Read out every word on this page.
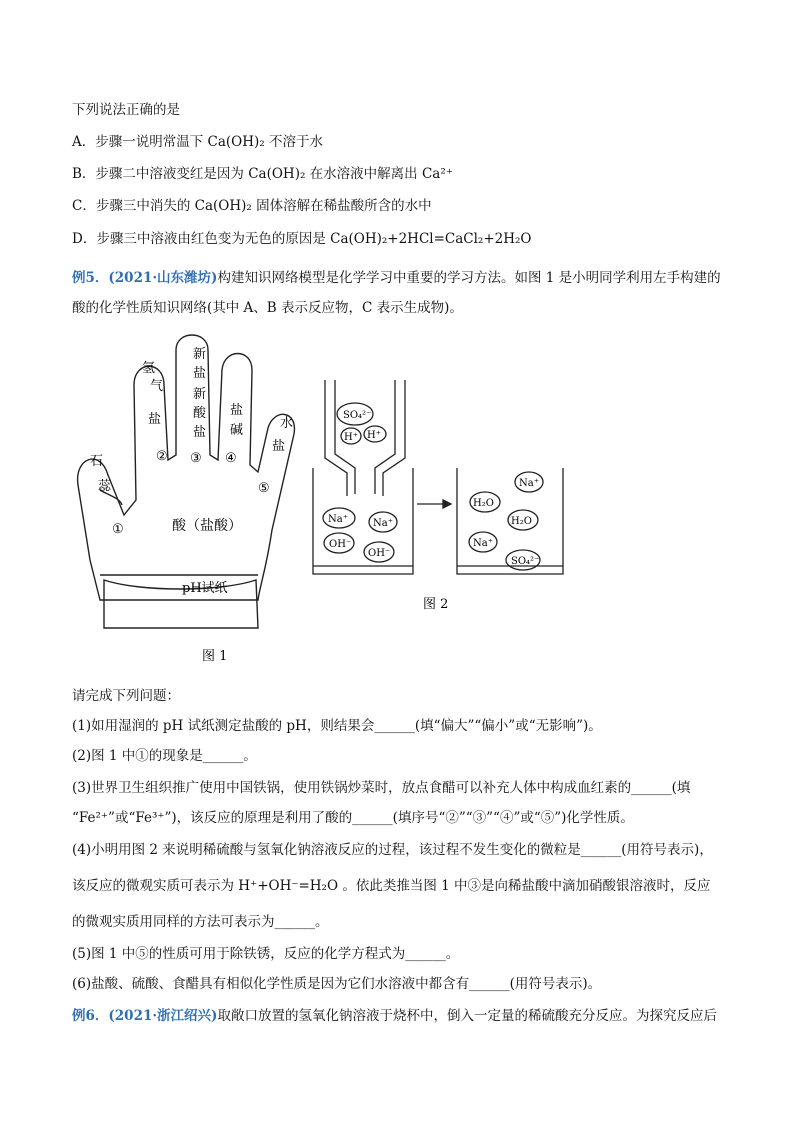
下列说法正确的是
A．步骤一说明常温下 Ca(OH)₂ 不溶于水
B．步骤二中溶液变红是因为 Ca(OH)₂ 在水溶液中解离出 Ca²⁺
C．步骤三中消失的 Ca(OH)₂ 固体溶解在稀盐酸所含的水中
D．步骤三中溶液由红色变为无色的原因是 Ca(OH)₂+2HCl=CaCl₂+2H₂O
例5．(2021·山东潍坊)构建知识网络模型是化学学习中重要的学习方法。如图 1 是小明同学利用左手构建的
酸的化学性质知识网络(其中 A、B 表示反应物，C 表示生成物)。
石
蕊
氢
气
盐
新
盐
新
酸
盐
盐
碱	水
盐
①
② ③ ④
⑤
酸（盐酸）
pH试纸
图 1
SO₄²⁻
H⁺ H⁺
Na⁺	Na⁺
OH⁻
OH⁻
H₂O
Na⁺
H₂O
Na⁺
SO₄²⁻
图 2
请完成下列问题：
(1)如用湿润的 pH 试纸测定盐酸的 pH，则结果会______(填“偏大”“偏小”或“无影响”)。
(2)图 1 中①的现象是______。
(3)世界卫生组织推广使用中国铁锅，使用铁锅炒菜时，放点食醋可以补充人体中构成血红素的______(填
“Fe²⁺”或“Fe³⁺”)，该反应的原理是利用了酸的______(填序号“②”“③”“④”或“⑤”)化学性质。
(4)小明用图 2 来说明稀硫酸与氢氧化钠溶液反应的过程，该过程不发生变化的微粒是______(用符号表示)，
该反应的微观实质可表示为 H⁺+OH⁻=H₂O 。依此类推当图 1 中③是向稀盐酸中滴加硝酸银溶液时，反应
的微观实质用同样的方法可表示为______。
(5)图 1 中⑤的性质可用于除铁锈，反应的化学方程式为______。
(6)盐酸、硫酸、食醋具有相似化学性质是因为它们水溶液中都含有______(用符号表示)。
例6．(2021·浙江绍兴)取敞口放置的氢氧化钠溶液于烧杯中，倒入一定量的稀硫酸充分反应。为探究反应后
